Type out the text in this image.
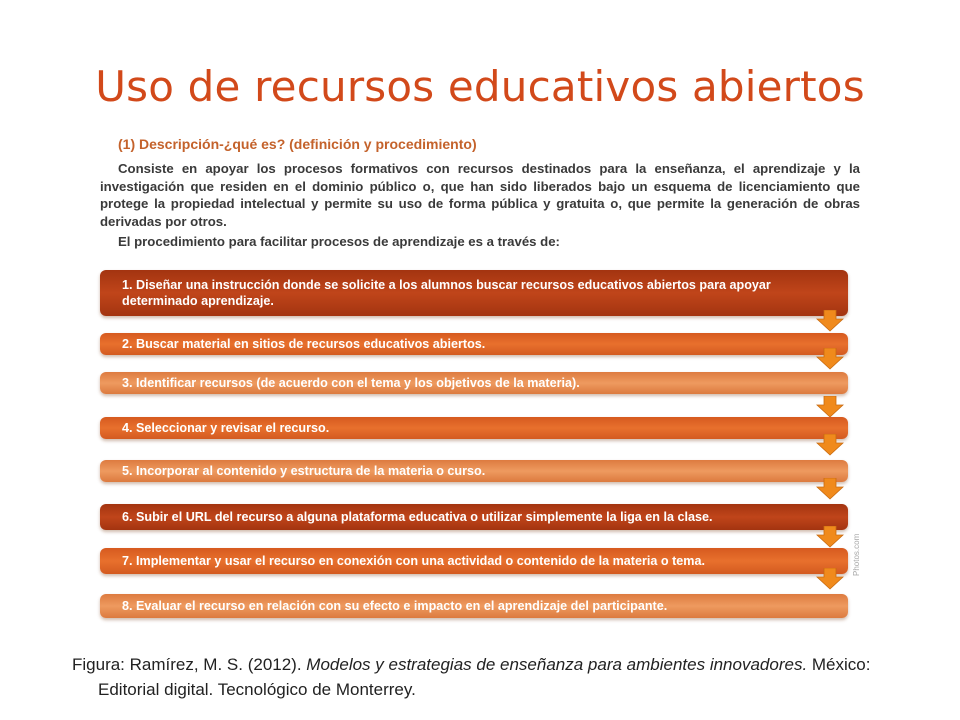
Uso de recursos educativos abiertos

(1) Descripción-¿qué es? (definición y procedimiento)

Consiste en apoyar los procesos formativos con recursos destinados para la enseñanza, el aprendizaje y la investigación que residen en el dominio público o, que han sido liberados bajo un esquema de licenciamiento que protege la propiedad intelectual y permite su uso de forma pública y gratuita o, que permite la generación de obras derivadas por otros.

El procedimiento para facilitar procesos de aprendizaje es a través de:

1. Diseñar una instrucción donde se solicite a los alumnos buscar recursos educativos abiertos para apoyar determinado aprendizaje.
2. Buscar material en sitios de recursos educativos abiertos.
3. Identificar recursos (de acuerdo con el tema y los objetivos de la materia).
4. Seleccionar y revisar el recurso.
5. Incorporar al contenido y estructura de la materia o curso.
6. Subir el URL del recurso a alguna plataforma educativa o utilizar simplemente la liga en la clase.
7. Implementar y usar el recurso en conexión con una actividad o contenido de la materia o tema.
8. Evaluar el recurso en relación con su efecto e impacto en el aprendizaje del participante.
Photos.com

Figura: Ramírez, M. S. (2012). Modelos y estrategias de enseñanza para ambientes innovadores. México: Editorial digital. Tecnológico de Monterrey.
